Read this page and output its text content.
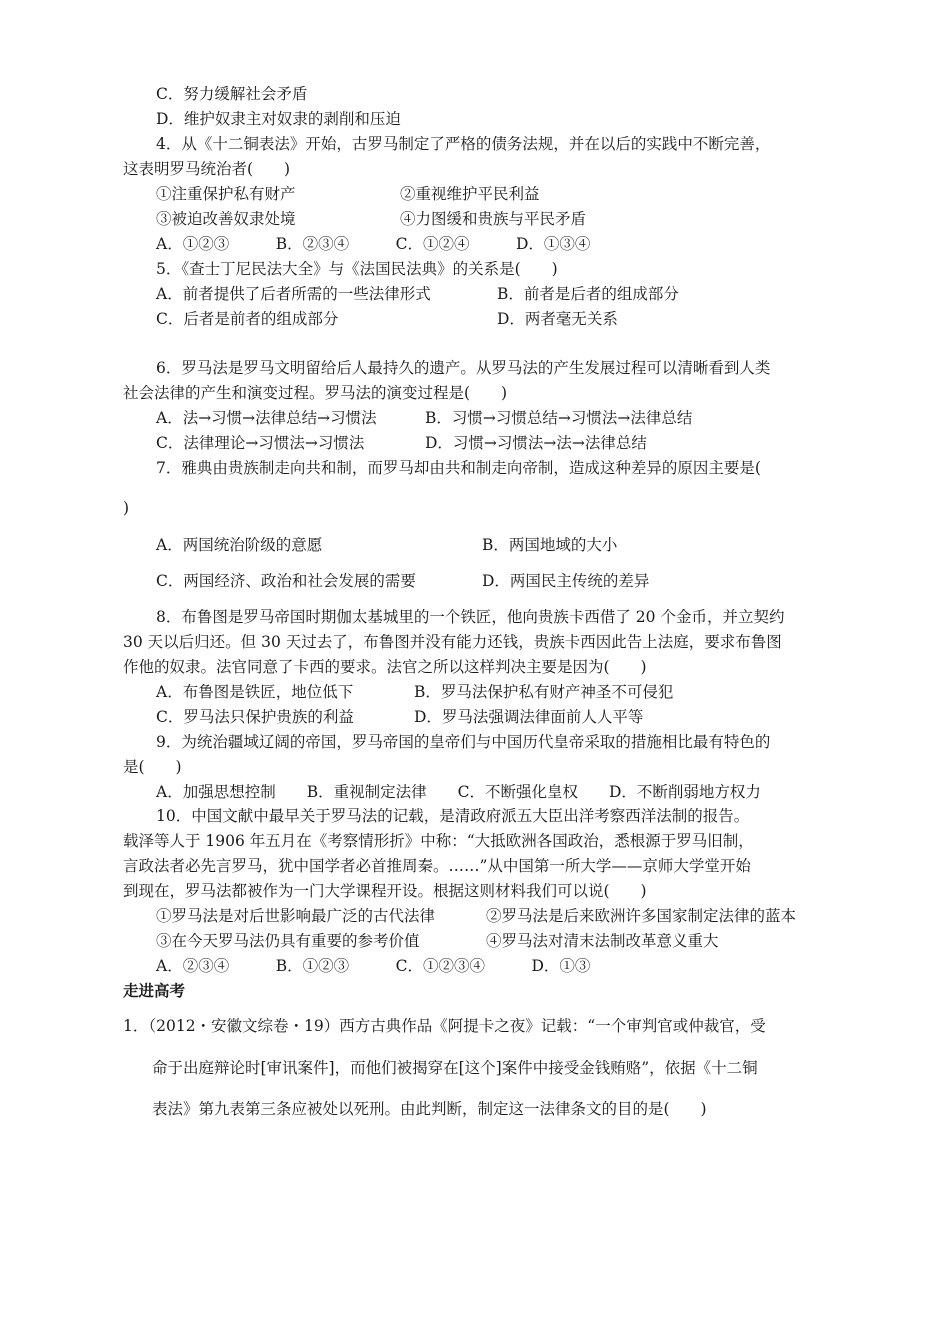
C．努力缓解社会矛盾
D．维护奴隶主对奴隶的剥削和压迫
4．从《十二铜表法》开始，古罗马制定了严格的债务法规，并在以后的实践中不断完善，
这表明罗马统治者(　　)
①注重保护私有财产	②重视维护平民利益
③被迫改善奴隶处境	④力图缓和贵族与平民矛盾
A．①②③　　　B．②③④　　　C．①②④　　　D．①③④
5．《查士丁尼民法大全》与《法国民法典》的关系是(　　)
A．前者提供了后者所需的一些法律形式	B．前者是后者的组成部分
C．后者是前者的组成部分	D．两者毫无关系
6．罗马法是罗马文明留给后人最持久的遗产。从罗马法的产生发展过程可以清晰看到人类
社会法律的产生和演变过程。罗马法的演变过程是(　　)
A．法→习惯→法律总结→习惯法	B．习惯→习惯总结→习惯法→法律总结
C．法律理论→习惯法→习惯法	D．习惯→习惯法→法→法律总结
7．雅典由贵族制走向共和制，而罗马却由共和制走向帝制，造成这种差异的原因主要是(
)
A．两国统治阶级的意愿	B．两国地域的大小
C．两国经济、政治和社会发展的需要	D．两国民主传统的差异
8．布鲁图是罗马帝国时期伽太基城里的一个铁匠，他向贵族卡西借了 20 个金币，并立契约
30 天以后归还。但 30 天过去了，布鲁图并没有能力还钱，贵族卡西因此告上法庭，要求布鲁图
作他的奴隶。法官同意了卡西的要求。法官之所以这样判决主要是因为(　　)
A．布鲁图是铁匠，地位低下	B．罗马法保护私有财产神圣不可侵犯
C．罗马法只保护贵族的利益	D．罗马法强调法律面前人人平等
9．为统治疆域辽阔的帝国，罗马帝国的皇帝们与中国历代皇帝采取的措施相比最有特色的
是(　　)
A．加强思想控制　　B．重视制定法律　　C．不断强化皇权　　D．不断削弱地方权力
10．中国文献中最早关于罗马法的记载，是清政府派五大臣出洋考察西洋法制的报告。
载泽等人于 1906 年五月在《考察情形折》中称：“大抵欧洲各国政治，悉根源于罗马旧制，
言政法者必先言罗马，犹中国学者必首推周秦。……”从中国第一所大学——京师大学堂开始
到现在，罗马法都被作为一门大学课程开设。根据这则材料我们可以说(　　)
①罗马法是对后世影响最广泛的古代法律	②罗马法是后来欧洲许多国家制定法律的蓝本
③在今天罗马法仍具有重要的参考价值	④罗马法对清末法制改革意义重大
A．②③④　　　B．①②③　　　C．①②③④　　　D．①③
走进高考
1．（2012・安徽文综卷・19）西方古典作品《阿提卡之夜》记载：“一个审判官或仲裁官，受
命于出庭辩论时[审讯案件]，而他们被揭穿在[这个]案件中接受金钱贿赂”，依据《十二铜
表法》第九表第三条应被处以死刑。由此判断，制定这一法律条文的目的是(　　)
